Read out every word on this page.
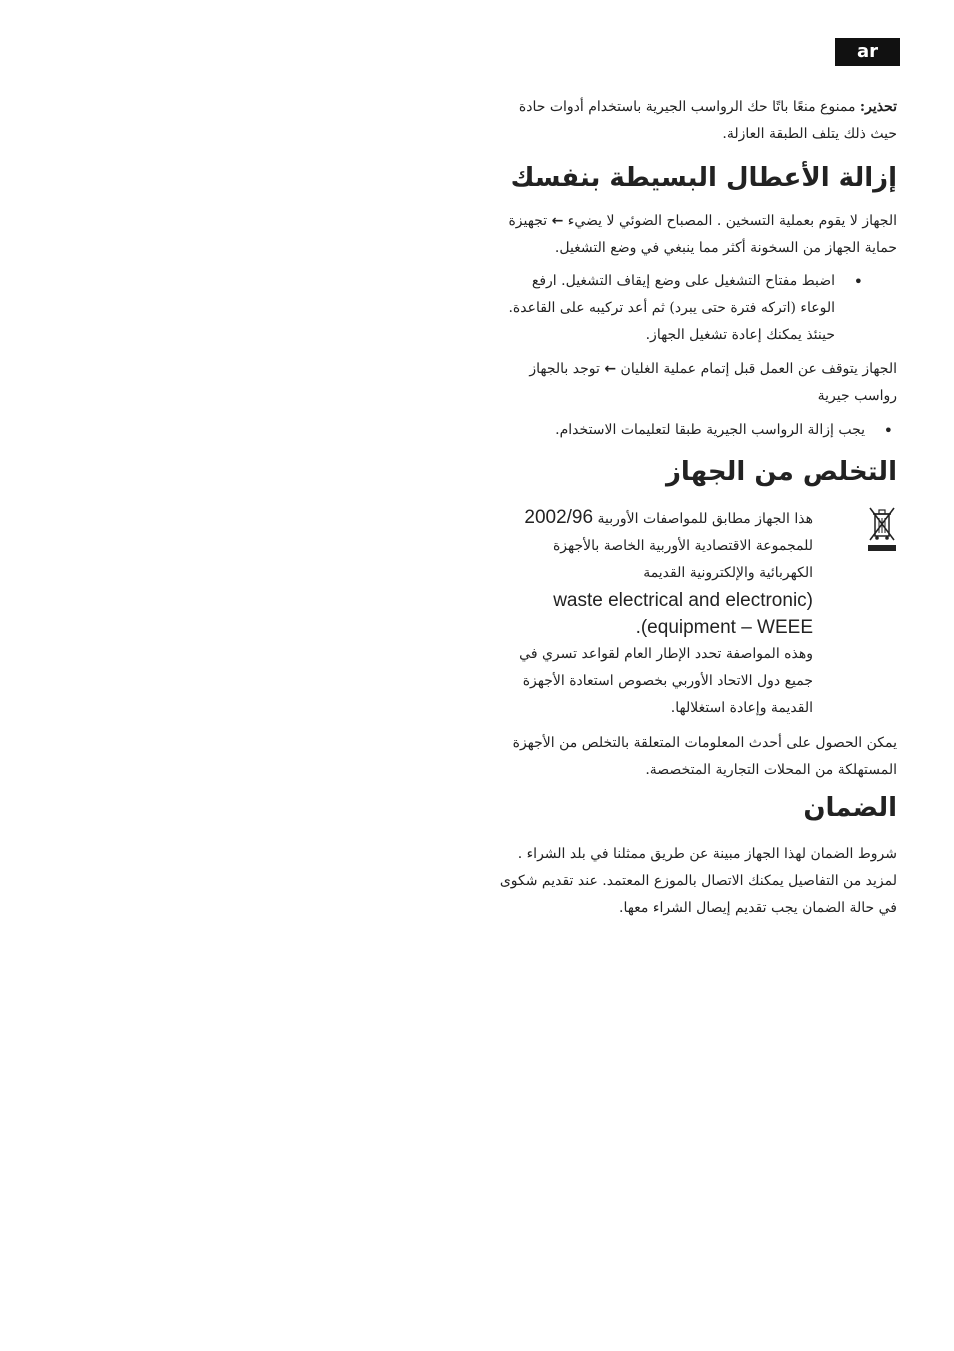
ar

تحذير: ممنوع منعًا باتًا حك الرواسب الجيرية باستخدام أدوات حادة حيث ذلك يتلف الطبقة العازلة.

إزالة الأعطال البسيطة بنفسك

الجهاز لا يقوم بعملية التسخين . المصباح الضوئي لا يضيء ← تجهيزة حماية الجهاز من السخونة أكثر مما ينبغي في وضع التشغيل.

•
اضبط مفتاح التشغيل على وضع إيقاف التشغيل. ارفع الوعاء (اتركه فترة حتى يبرد) ثم أعد تركيبه على القاعدة. حينئذ يمكنك إعادة تشغيل الجهاز.

الجهاز يتوقف عن العمل قبل إتمام عملية الغليان ← توجد بالجهاز رواسب جيرية

•
يجب إزالة الرواسب الجيرية طبقا لتعليمات الاستخدام.
التخلص من الجهاز

هذا الجهاز مطابق للمواصفات الأوربية 2002/96

للمجموعة الاقتصادية الأوربية الخاصة بالأجهزة الكهربائية والإلكترونية القديمة

waste electrical and electronic)

.(equipment – WEEE

وهذه المواصفة تحدد الإطار العام لقواعد تسري في جميع دول الاتحاد الأوربي بخصوص استعادة الأجهزة القديمة وإعادة استغلالها.

يمكن الحصول على أحدث المعلومات المتعلقة بالتخلص من الأجهزة المستهلكة من المحلات التجارية المتخصصة.

الضمان

شروط الضمان لهذا الجهاز مبينة عن طريق ممثلنا في بلد الشراء . لمزيد من التفاصيل يمكنك الاتصال بالموزع المعتمد. عند تقديم شكوى في حالة الضمان يجب تقديم إيصال الشراء معها.
